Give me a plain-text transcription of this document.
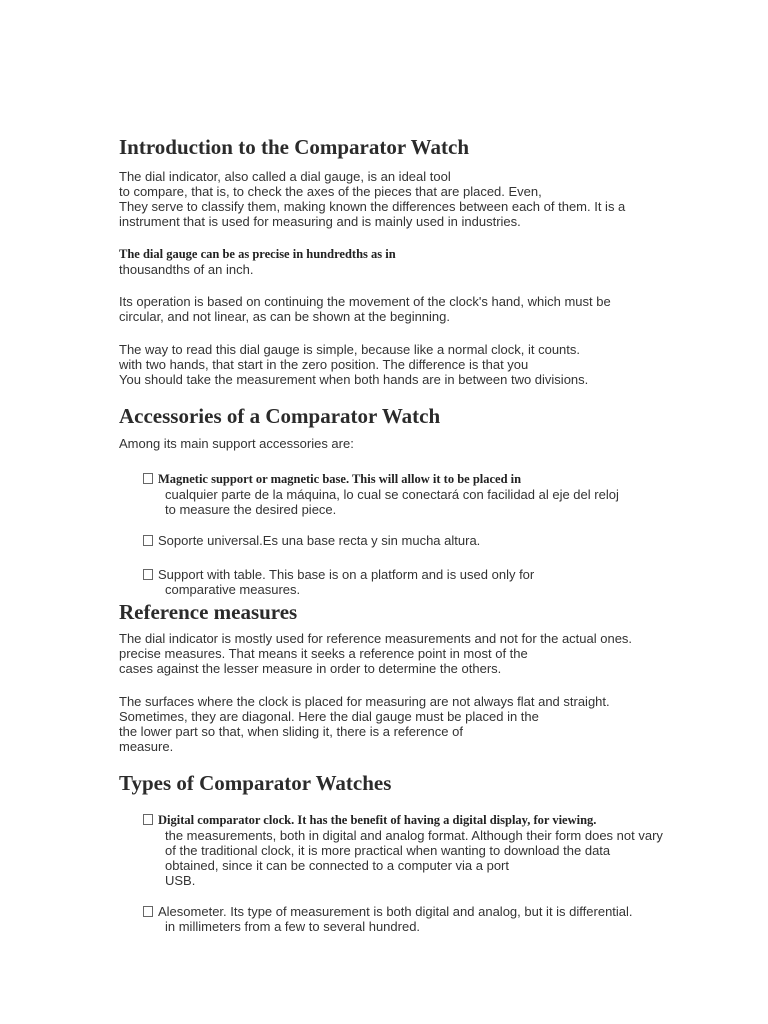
Introduction to the Comparator Watch
The dial indicator, also called a dial gauge, is an ideal tool
to compare, that is, to check the axes of the pieces that are placed. Even,
They serve to classify them, making known the differences between each of them. It is a
instrument that is used for measuring and is mainly used in industries.
The dial gauge can be as precise in hundredths as in
thousandths of an inch.
Its operation is based on continuing the movement of the clock's hand, which must be
circular, and not linear, as can be shown at the beginning.
The way to read this dial gauge is simple, because like a normal clock, it counts.
with two hands, that start in the zero position. The difference is that you
You should take the measurement when both hands are in between two divisions.
Accessories of a Comparator Watch
Among its main support accessories are:
Magnetic support or magnetic base. This will allow it to be placed in
cualquier parte de la máquina, lo cual se conectará con facilidad al eje del reloj
to measure the desired piece.
Soporte universal.Es una base recta y sin mucha altura.
Support with table. This base is on a platform and is used only for
comparative measures.
Reference measures
The dial indicator is mostly used for reference measurements and not for the actual ones.
precise measures. That means it seeks a reference point in most of the
cases against the lesser measure in order to determine the others.
The surfaces where the clock is placed for measuring are not always flat and straight.
Sometimes, they are diagonal. Here the dial gauge must be placed in the
the lower part so that, when sliding it, there is a reference of
measure.
Types of Comparator Watches
Digital comparator clock. It has the benefit of having a digital display, for viewing.
the measurements, both in digital and analog format. Although their form does not vary
of the traditional clock, it is more practical when wanting to download the data
obtained, since it can be connected to a computer via a port
USB.
Alesometer. Its type of measurement is both digital and analog, but it is differential.
in millimeters from a few to several hundred.
